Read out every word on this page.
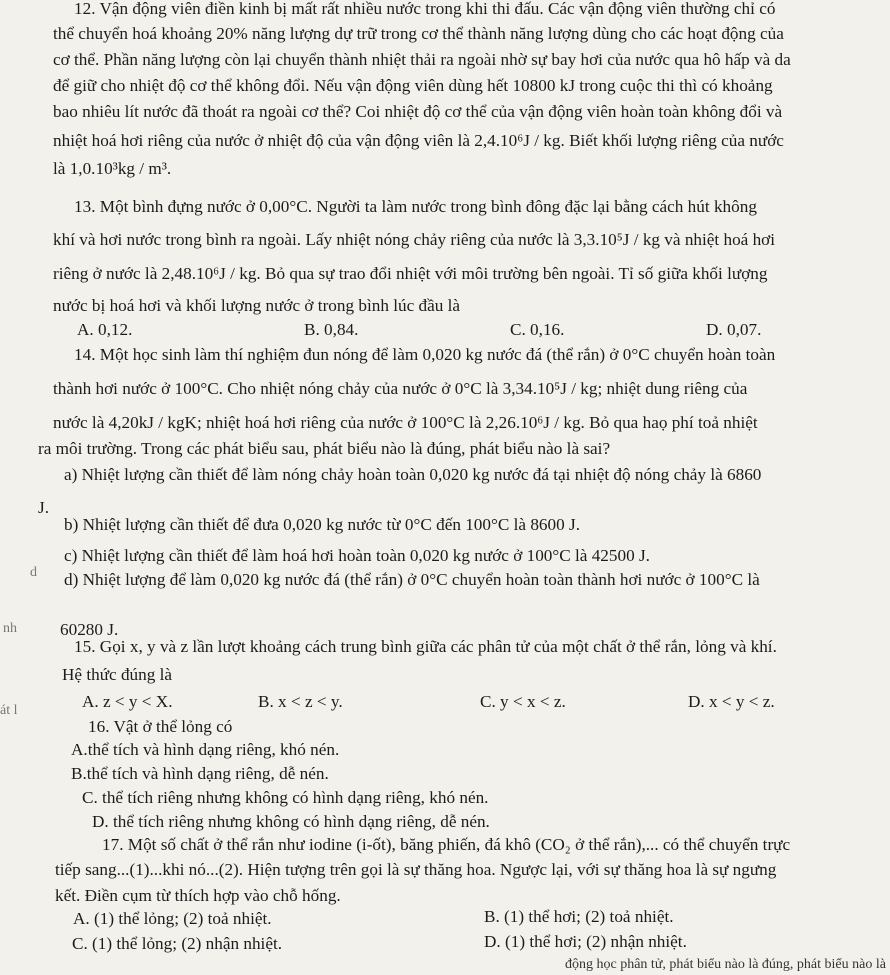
12. Vận động viên điền kinh bị mất rất nhiều nước trong khi thi đấu. Các vận động viên thường chỉ có
thể chuyển hoá khoảng 20% năng lượng dự trữ trong cơ thể thành năng lượng dùng cho các hoạt động của
cơ thể. Phần năng lượng còn lại chuyển thành nhiệt thải ra ngoài nhờ sự bay hơi của nước qua hô hấp và da
để giữ cho nhiệt độ cơ thể không đổi. Nếu vận động viên dùng hết 10800 kJ trong cuộc thi thì có khoảng
bao nhiêu lít nước đã thoát ra ngoài cơ thể? Coi nhiệt độ cơ thể của vận động viên hoàn toàn không đổi và
nhiệt hoá hơi riêng của nước ở nhiệt độ của vận động viên là 2,4.10⁶J / kg. Biết khối lượng riêng của nước
là 1,0.10³kg / m³.
13. Một bình đựng nước ở 0,00°C. Người ta làm nước trong bình đông đặc lại bằng cách hút không
khí và hơi nước trong bình ra ngoài. Lấy nhiệt nóng chảy riêng của nước là 3,3.10⁵J / kg và nhiệt hoá hơi
riêng ở nước là 2,48.10⁶J / kg. Bỏ qua sự trao đổi nhiệt với môi trường bên ngoài. Tỉ số giữa khối lượng
nước bị hoá hơi và khối lượng nước ở trong bình lúc đầu là
A. 0,12.	B. 0,84.	C. 0,16.	D. 0,07.
14. Một học sinh làm thí nghiệm đun nóng để làm 0,020 kg nước đá (thể rắn) ở 0°C chuyển hoàn toàn
thành hơi nước ở 100°C. Cho nhiệt nóng chảy của nước ở 0°C là 3,34.10⁵J / kg; nhiệt dung riêng của
nước là 4,20kJ / kgK; nhiệt hoá hơi riêng của nước ở 100°C là 2,26.10⁶J / kg. Bỏ qua haọ phí toả nhiệt
ra môi trường. Trong các phát biểu sau, phát biểu nào là đúng, phát biểu nào là sai?
a) Nhiệt lượng cần thiết để làm nóng chảy hoàn toàn 0,020 kg nước đá tại nhiệt độ nóng chảy là 6860
J.
b) Nhiệt lượng cần thiết để đưa 0,020 kg nước từ 0°C đến 100°C là 8600 J.
c) Nhiệt lượng cần thiết để làm hoá hơi hoàn toàn 0,020 kg nước ở 100°C là 42500 J.
d) Nhiệt lượng để làm 0,020 kg nước đá (thể rắn) ở 0°C chuyển hoàn toàn thành hơi nước ở 100°C là
60280 J.
15. Gọi x, y và z lần lượt khoảng cách trung bình giữa các phân tử của một chất ở thể rắn, lỏng và khí.
Hệ thức đúng là
A. z < y < X.	B. x < z < y.	C. y < x < z.	D. x < y < z.
16. Vật ở thể lỏng có
A.thể tích và hình dạng riêng, khó nén.
B.thể tích và hình dạng riêng, dễ nén.
C. thể tích riêng nhưng không có hình dạng riêng, khó nén.
D. thể tích riêng nhưng không có hình dạng riêng, dễ nén.
17. Một số chất ở thể rắn như iodine (i-ốt), băng phiến, đá khô (CO₂ ở thể rắn),... có thể chuyển trực
tiếp sang...(1)...khi nó...(2). Hiện tượng trên gọi là sự thăng hoa. Ngược lại, với sự thăng hoa là sự ngưng
kết. Điền cụm từ thích hợp vào chỗ hống.
A. (1) thể lỏng; (2) toả nhiệt.	B. (1) thể hơi; (2) toả nhiệt.
C. (1) thể lỏng; (2) nhận nhiệt.	D. (1) thể hơi; (2) nhận nhiệt.
động học phân tử, phát biểu nào là đúng, phát biểu nào là
d
nh
át l
